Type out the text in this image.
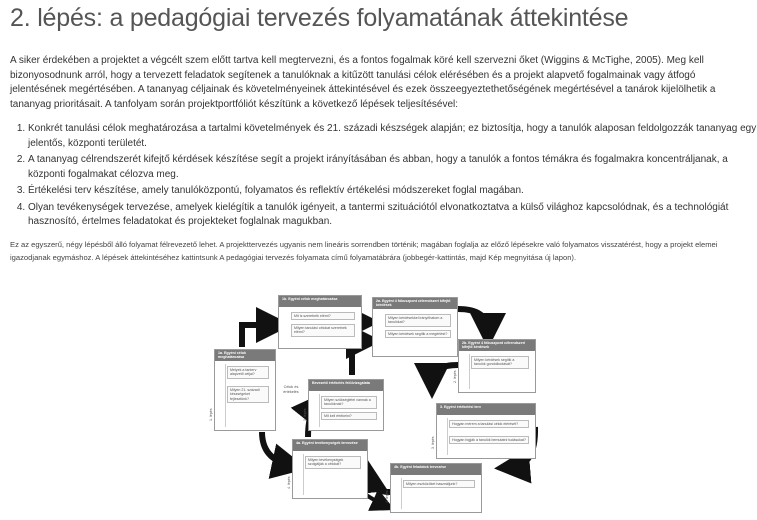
2. lépés: a pedagógiai tervezés folyamatának áttekintése

A siker érdekében a projektet a végcélt szem előtt tartva kell megtervezni, és a fontos fogalmak köré kell szervezni őket (Wiggins & McTighe, 2005). Meg kell bizonyosodnunk arról, hogy a tervezett feladatok segítenek a tanulóknak a kitűzött tanulási célok elérésében és a projekt alapvető fogalmainak vagy átfogó jelentésének megértésében. A tananyag céljainak és követelményeinek áttekintésével és ezek összeegyeztethetőségének megértésével a tanárok kijelölhetik a tananyag prioritásait. A tanfolyam során projektportfóliót készítünk a következő lépések teljesítésével:

1. Konkrét tanulási célok meghatározása a tartalmi követelmények és 21. századi készségek alapján; ez biztosítja, hogy a tanulók alaposan feldolgozzák tananyag egy jelentős, központi területét.
2. A tananyag célrendszerét kifejtő kérdések készítése segít a projekt irányításában és abban, hogy a tanulók a fontos témákra és fogalmakra koncentráljanak, a központi fogalmakat célozva meg.
3. Értékelési terv készítése, amely tanulóközpontú, folyamatos és reflektív értékelési módszereket foglal magában.
4. Olyan tevékenységek tervezése, amelyek kielégítik a tanulók igényeit, a tantermi szituációtól elvonatkoztatva a külső világhoz kapcsolódnak, és a technológiát hasznosító, értelmes feladatokat és projekteket foglalnak magukban.

Ez az egyszerű, négy lépésből álló folyamat félrevezető lehet. A projekttervezés ugyanis nem lineáris sorrendben történik; magában foglalja az előző lépésekre való folyamatos visszatérést, hogy a projekt elemei igazodjanak egymáshoz. A lépések áttekintéséhez kattintsunk A pedagógiai tervezés folyamata című folyamatábrára (jobbegér-kattintás, majd Kép megnyitása új lapon).

1b. Egyéni célok meghatározása
Mit is szeretnék elérni?
Milyen tanulási célokat szeretnék elérni?
2a. Egyéni 4 fókuszpont célrendszeri kifejtő kérdések
Milyen kérdésekkel irányíthatom a tanulókat?
Milyen kérdések segítik a megértést?
2b. Egyéni 4 fókuszpont célrendszeri kifejtő kérdések
2. lépés
Milyen kérdések segítik a tanulók gondolkodását?
1a. Egyéni célok meghatározása
1. lépés
Melyek a tanterv alapvető céljai?
Milyen 21. századi készségeket fejlesztünk?
Célok és értékelés
Bevezető értékelés felülvizsgálata
3. lépés
Milyen szükségletei vannak a tanulóknak?
Mit kell értékelni?
3. Egyéni értékelési terv
3. lépés
Hogyan mérem a tanulási célok elérését?
Hogyan fogják a tanulók bemutatni tudásukat?
4a. Egyéni tevékenységek tervezése
4. lépés
Milyen tevékenységek szolgálják a célokat?
4b. Egyéni feladatok tervezése
4. lépés
Milyen eszközöket használjunk?
